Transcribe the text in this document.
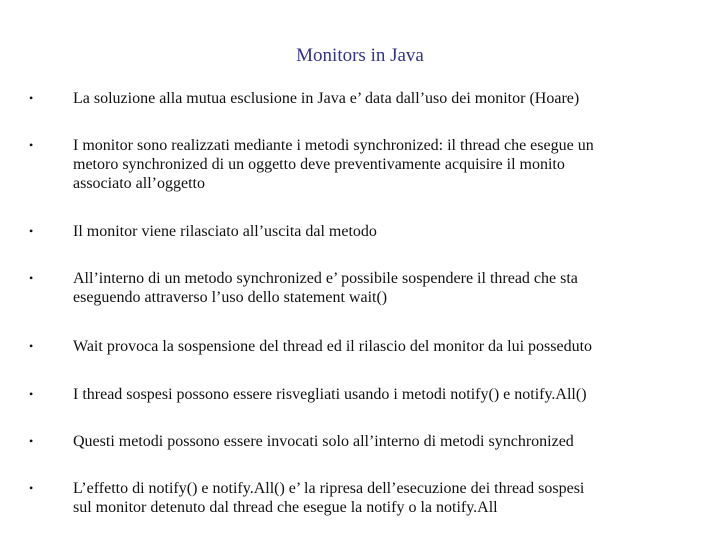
Monitors in Java
• La soluzione alla mutua esclusione in Java e’ data dall’uso dei monitor (Hoare)
• I monitor sono realizzati mediante i metodi synchronized: il thread che esegue un
metoro synchronized di un oggetto deve preventivamente acquisire il monito
associato all’oggetto
• Il monitor viene rilasciato all’uscita dal metodo
• All’interno di un metodo synchronized e’ possibile sospendere il thread che sta
eseguendo attraverso l’uso dello statement wait()
• Wait provoca la sospensione del thread ed il rilascio del monitor da lui posseduto
• I thread sospesi possono essere risvegliati usando i metodi notify() e notify.All()
• Questi metodi possono essere invocati solo all’interno di metodi synchronized
• L’effetto di notify() e notify.All() e’ la ripresa dell’esecuzione dei thread sospesi
sul monitor detenuto dal thread che esegue la notify o la notify.All
